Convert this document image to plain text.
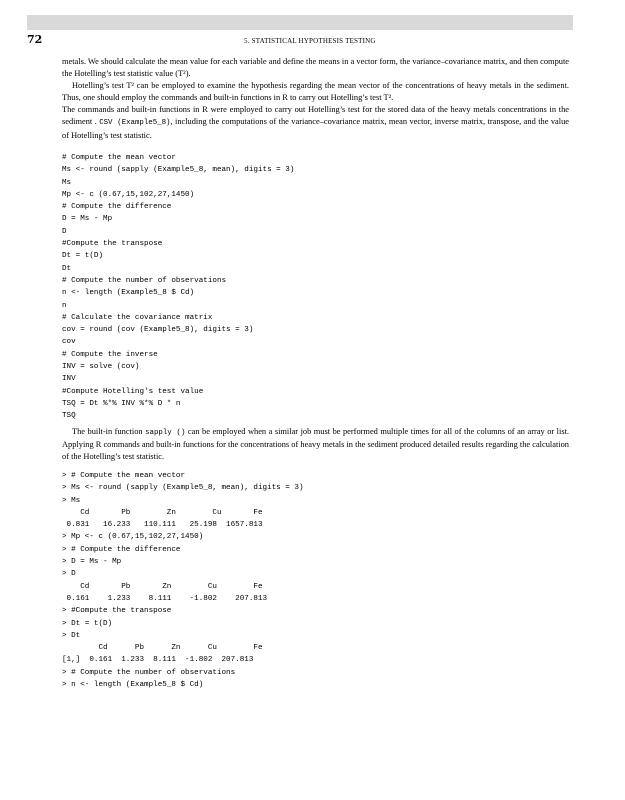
72	5. STATISTICAL HYPOTHESIS TESTING

metals. We should calculate the mean value for each variable and define the means in a vector form, the variance–covariance matrix, and then compute the Hotelling’s test statistic value (T²).

Hotelling’s test T² can be employed to examine the hypothesis regarding the mean vector of the concentrations of heavy metals in the sediment. Thus, one should employ the commands and built-in functions in R to carry out Hotelling’s test T².

The commands and built-in functions in R were employed to carry out Hotelling’s test for the stored data of the heavy metals concentrations in the sediment . CSV (Example5_8), including the computations of the variance–covariance matrix, mean vector, inverse matrix, transpose, and the value of Hotelling’s test statistic.

# Compute the mean vector
Ms <- round (sapply (Example5_8, mean), digits = 3)
Ms
Mp <- c (0.67,15,102,27,1450)
# Compute the difference
D = Ms - Mp
D
#Compute the transpose
Dt = t(D)
Dt
# Compute the number of observations
n <- length (Example5_8 $ Cd)
n
# Calculate the covariance matrix
cov = round (cov (Example5_8), digits = 3)
cov
# Compute the inverse
INV = solve (cov)
INV
#Compute Hotelling's test value
TSQ = Dt %*% INV %*% D * n
TSQ

The built-in function sapply () can be employed when a similar job must be performed multiple times for all of the columns of an array or list. Applying R commands and built-in functions for the concentrations of heavy metals in the sediment produced detailed results regarding the calculation of the Hotelling’s test statistic.

> # Compute the mean vector
> Ms <- round (sapply (Example5_8, mean), digits = 3)
> Ms
Cd       Pb        Zn        Cu       Fe
0.831   16.233   110.111   25.198  1657.813
> Mp <- c (0.67,15,102,27,1450)
> # Compute the difference
> D = Ms - Mp
> D
Cd       Pb       Zn        Cu        Fe
0.161    1.233    8.111    -1.802    207.813
> #Compute the transpose
> Dt = t(D)
> Dt
Cd      Pb      Zn      Cu        Fe
[1,]  0.161  1.233  8.111  -1.802  207.813
> # Compute the number of observations
> n <- length (Example5_8 $ Cd)
